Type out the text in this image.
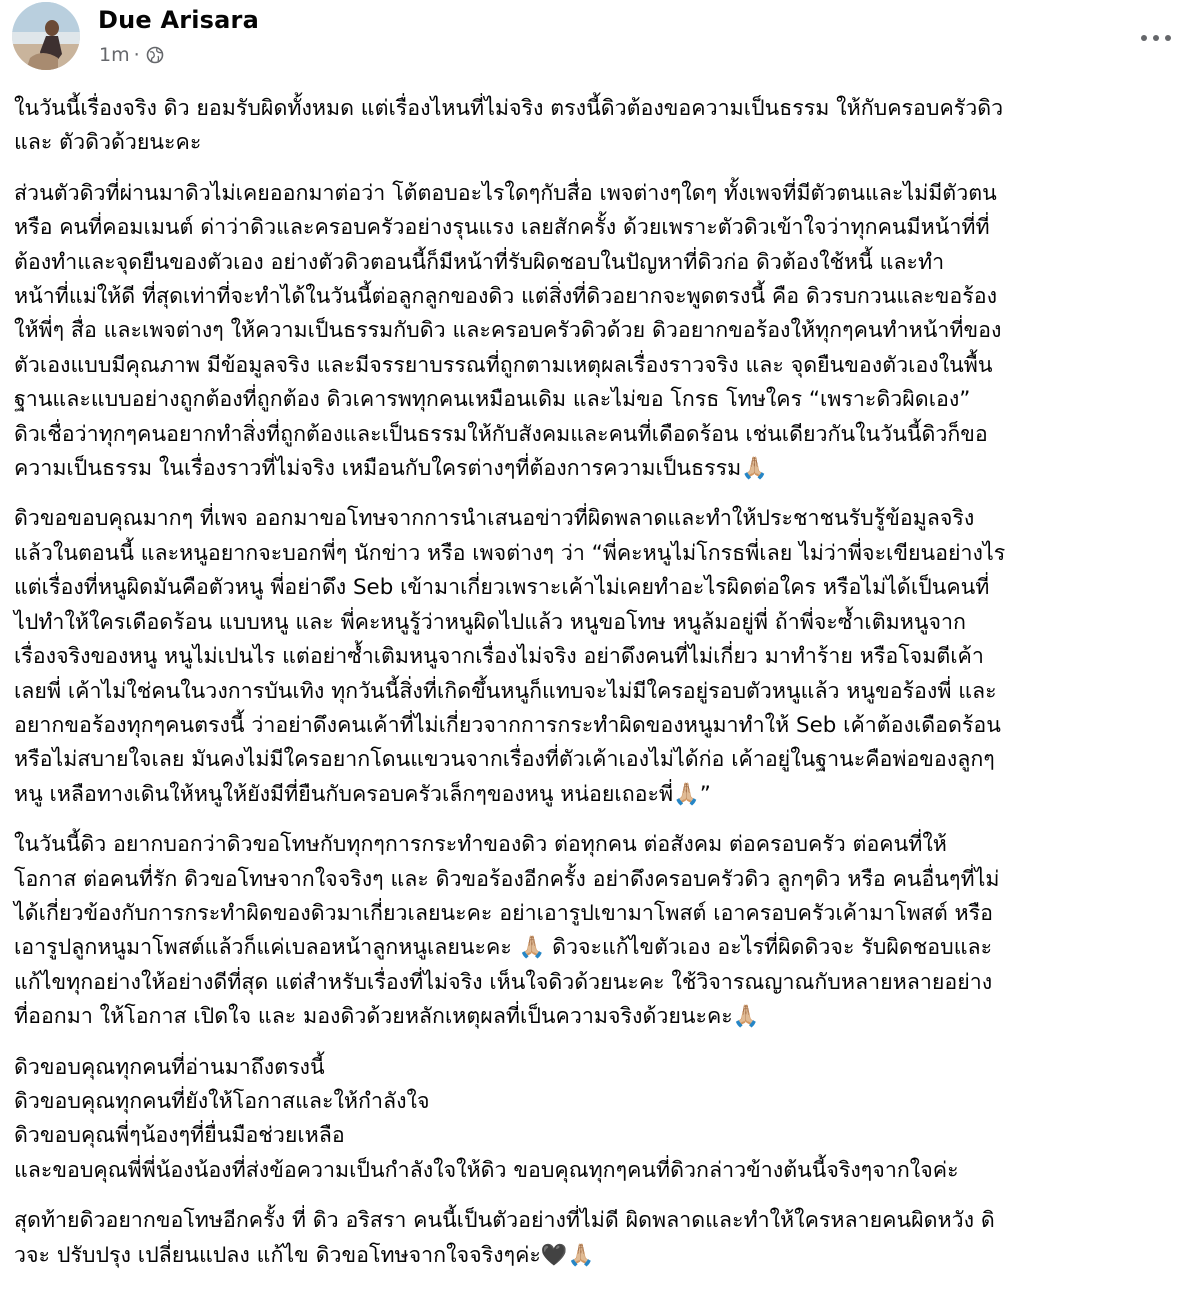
Due Arisara
1m ·
ในวันนี้เรื่องจริง ดิว ยอมรับผิดทั้งหมด แต่เรื่องไหนที่ไม่จริง ตรงนี้ดิวต้องขอความเป็นธรรม ให้กับครอบครัวดิว
และ ตัวดิวด้วยนะคะ
ส่วนตัวดิวที่ผ่านมาดิวไม่เคยออกมาต่อว่า โต้ตอบอะไรใดๆกับสื่อ เพจต่างๆใดๆ ทั้งเพจที่มีตัวตนและไม่มีตัวตน
หรือ คนที่คอมเมนต์ ด่าว่าดิวและครอบครัวอย่างรุนแรง เลยสักครั้ง ด้วยเพราะตัวดิวเข้าใจว่าทุกคนมีหน้าที่ที่
ต้องทำและจุดยืนของตัวเอง อย่างตัวดิวตอนนี้ก็มีหน้าที่รับผิดชอบในปัญหาที่ดิวก่อ ดิวต้องใช้หนี้ และทำ
หน้าที่แม่ให้ดี ที่สุดเท่าที่จะทำได้ในวันนี้ต่อลูกลูกของดิว แต่สิ่งที่ดิวอยากจะพูดตรงนี้ คือ ดิวรบกวนและขอร้อง
ให้พี่ๆ สื่อ และเพจต่างๆ ให้ความเป็นธรรมกับดิว และครอบครัวดิวด้วย ดิวอยากขอร้องให้ทุกๆคนทำหน้าที่ของ
ตัวเองแบบมีคุณภาพ มีข้อมูลจริง และมีจรรยาบรรณที่ถูกตามเหตุผลเรื่องราวจริง และ จุดยืนของตัวเองในพื้น
ฐานและแบบอย่างถูกต้องที่ถูกต้อง ดิวเคารพทุกคนเหมือนเดิม และไม่ขอ โกรธ โทษใคร “เพราะดิวผิดเอง”
ดิวเชื่อว่าทุกๆคนอยากทำสิ่งที่ถูกต้องและเป็นธรรมให้กับสังคมและคนที่เดือดร้อน เช่นเดียวกันในวันนี้ดิวก็ขอ
ความเป็นธรรม ในเรื่องราวที่ไม่จริง เหมือนกับใครต่างๆที่ต้องการความเป็นธรรม🙏🏼
ดิวขอขอบคุณมากๆ ที่เพจ ออกมาขอโทษจากการนำเสนอข่าวที่ผิดพลาดและทำให้ประชาชนรับรู้ข้อมูลจริง
แล้วในตอนนี้ และหนูอยากจะบอกพี่ๆ นักข่าว หรือ เพจต่างๆ ว่า “พี่คะหนูไม่โกรธพี่เลย ไม่ว่าพี่จะเขียนอย่างไร
แต่เรื่องที่หนูผิดมันคือตัวหนู พี่อย่าดึง Seb เข้ามาเกี่ยวเพราะเค้าไม่เคยทำอะไรผิดต่อใคร หรือไม่ได้เป็นคนที่
ไปทำให้ใครเดือดร้อน แบบหนู และ พี่คะหนูรู้ว่าหนูผิดไปแล้ว หนูขอโทษ หนูล้มอยู่พี่ ถ้าพี่จะซ้ำเติมหนูจาก
เรื่องจริงของหนู หนูไม่เปนไร แต่อย่าซ้ำเติมหนูจากเรื่องไม่จริง อย่าดึงคนที่ไม่เกี่ยว มาทำร้าย หรือโจมตีเค้า
เลยพี่ เค้าไม่ใช่คนในวงการบันเทิง ทุกวันนี้สิ่งที่เกิดขึ้นหนูก็แทบจะไม่มีใครอยู่รอบตัวหนูแล้ว หนูขอร้องพี่ และ
อยากขอร้องทุกๆคนตรงนี้ ว่าอย่าดึงคนเค้าที่ไม่เกี่ยวจากการกระทำผิดของหนูมาทำให้ Seb เค้าต้องเดือดร้อน
หรือไม่สบายใจเลย มันคงไม่มีใครอยากโดนแขวนจากเรื่องที่ตัวเค้าเองไม่ได้ก่อ เค้าอยู่ในฐานะคือพ่อของลูกๆ
หนู เหลือทางเดินให้หนูให้ยังมีที่ยืนกับครอบครัวเล็กๆของหนู หน่อยเถอะพี่🙏🏼”
ในวันนี้ดิว อยากบอกว่าดิวขอโทษกับทุกๆการกระทำของดิว ต่อทุกคน ต่อสังคม ต่อครอบครัว ต่อคนที่ให้
โอกาส ต่อคนที่รัก ดิวขอโทษจากใจจริงๆ และ ดิวขอร้องอีกครั้ง อย่าดึงครอบครัวดิว ลูกๆดิว หรือ คนอื่นๆที่ไม่
ได้เกี่ยวข้องกับการกระทำผิดของดิวมาเกี่ยวเลยนะคะ อย่าเอารูปเขามาโพสต์ เอาครอบครัวเค้ามาโพสต์ หรือ
เอารูปลูกหนูมาโพสต์แล้วก็แค่เบลอหน้าลูกหนูเลยนะคะ 🙏🏼 ดิวจะแก้ไขตัวเอง อะไรที่ผิดดิวจะ รับผิดชอบและ
แก้ไขทุกอย่างให้อย่างดีที่สุด แต่สำหรับเรื่องที่ไม่จริง เห็นใจดิวด้วยนะคะ ใช้วิจารณญาณกับหลายหลายอย่าง
ที่ออกมา ให้โอกาส เปิดใจ และ มองดิวด้วยหลักเหตุผลที่เป็นความจริงด้วยนะคะ🙏🏼
ดิวขอบคุณทุกคนที่อ่านมาถึงตรงนี้
ดิวขอบคุณทุกคนที่ยังให้โอกาสและให้กำลังใจ
ดิวขอบคุณพี่ๆน้องๆที่ยื่นมือช่วยเหลือ
และขอบคุณพี่พี่น้องน้องที่ส่งข้อความเป็นกำลังใจให้ดิว ขอบคุณทุกๆคนที่ดิวกล่าวข้างต้นนี้จริงๆจากใจค่ะ
สุดท้ายดิวอยากขอโทษอีกครั้ง ที่ ดิว อริสรา คนนี้เป็นตัวอย่างที่ไม่ดี ผิดพลาดและทำให้ใครหลายคนผิดหวัง ดิ
วจะ ปรับปรุง เปลี่ยนแปลง แก้ไข ดิวขอโทษจากใจจริงๆค่ะ🖤🙏🏼
